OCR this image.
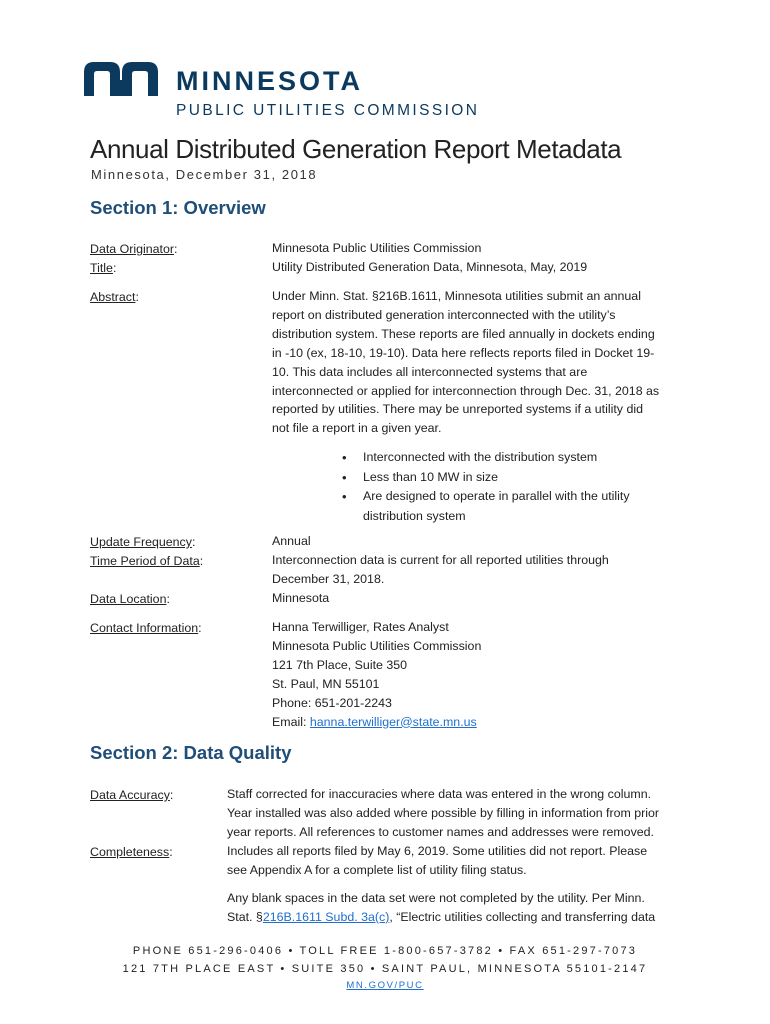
MINNESOTA
PUBLIC UTILITIES COMMISSION
Annual Distributed Generation Report Metadata
Minnesota, December 31, 2018
Section 1: Overview
Data Originator:	Minnesota Public Utilities Commission
Title:	Utility Distributed Generation Data, Minnesota, May, 2019
Abstract:	Under Minn. Stat. §216B.1611, Minnesota utilities submit an annual
report on distributed generation interconnected with the utility’s
distribution system. These reports are filed annually in dockets ending
in -10 (ex, 18-10, 19-10). Data here reflects reports filed in Docket 19-
10. This data includes all interconnected systems that are
interconnected or applied for interconnection through Dec. 31, 2018 as
reported by utilities. There may be unreported systems if a utility did
not file a report in a given year.
• Interconnected with the distribution system
• Less than 10 MW in size
• Are designed to operate in parallel with the utility
distribution system
Update Frequency:	Annual
Time Period of Data:	Interconnection data is current for all reported utilities through
December 31, 2018.
Data Location:	Minnesota
Contact Information:	Hanna Terwilliger, Rates Analyst
Minnesota Public Utilities Commission
121 7th Place, Suite 350
St. Paul, MN 55101
Phone: 651-201-2243
Email: hanna.terwilliger@state.mn.us
Section 2: Data Quality
Data Accuracy:	Staff corrected for inaccuracies where data was entered in the wrong column.
Year installed was also added where possible by filling in information from prior
year reports. All references to customer names and addresses were removed.
Completeness:	Includes all reports filed by May 6, 2019. Some utilities did not report. Please
see Appendix A for a complete list of utility filing status.
Any blank spaces in the data set were not completed by the utility. Per Minn.
Stat. §216B.1611 Subd. 3a(c), “Electric utilities collecting and transferring data
PHONE 651-296-0406 • TOLL FREE 1-800-657-3782 • FAX 651-297-7073
121 7TH PLACE EAST • SUITE 350 • SAINT PAUL, MINNESOTA 55101-2147
MN.GOV/PUC
